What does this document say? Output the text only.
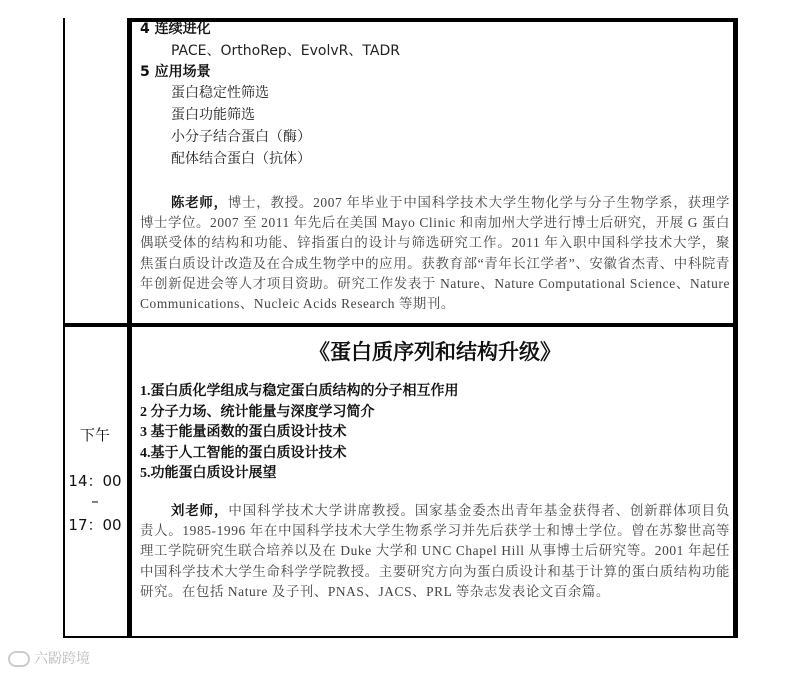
4 连续进化
PACE、OrthoRep、EvolvR、TADR
5 应用场景
蛋白稳定性筛选
蛋白功能筛选
小分子结合蛋白（酶）
配体结合蛋白（抗体）
陈老师，博士，教授。2007 年毕业于中国科学技术大学生物化学与分子生物学系，获理学博士学位。2007 至 2011 年先后在美国 Mayo Clinic 和南加州大学进行博士后研究，开展 G 蛋白偶联受体的结构和功能、锌指蛋白的设计与筛选研究工作。2011 年入职中国科学技术大学，聚焦蛋白质设计改造及在合成生物学中的应用。获教育部“青年长江学者”、安徽省杰青、中科院青年创新促进会等人才项目资助。研究工作发表于 Nature、Nature Computational Science、Nature Communications、Nucleic Acids Research 等期刊。
下午
14：00
–
17：00
《蛋白质序列和结构升级》
1.蛋白质化学组成与稳定蛋白质结构的分子相互作用
2 分子力场、统计能量与深度学习简介
3 基于能量函数的蛋白质设计技术
4.基于人工智能的蛋白质设计技术
5.功能蛋白质设计展望
刘老师，中国科学技术大学讲席教授。国家基金委杰出青年基金获得者、创新群体项目负责人。1985-1996 年在中国科学技术大学生物系学习并先后获学士和博士学位。曾在苏黎世高等理工学院研究生联合培养以及在 Duke 大学和 UNC Chapel Hill 从事博士后研究等。2001 年起任中国科学技术大学生命科学学院教授。主要研究方向为蛋白质设计和基于计算的蛋白质结构功能研究。在包括 Nature 及子刊、PNAS、JACS、PRL 等杂志发表论文百余篇。
六鼢跨境
